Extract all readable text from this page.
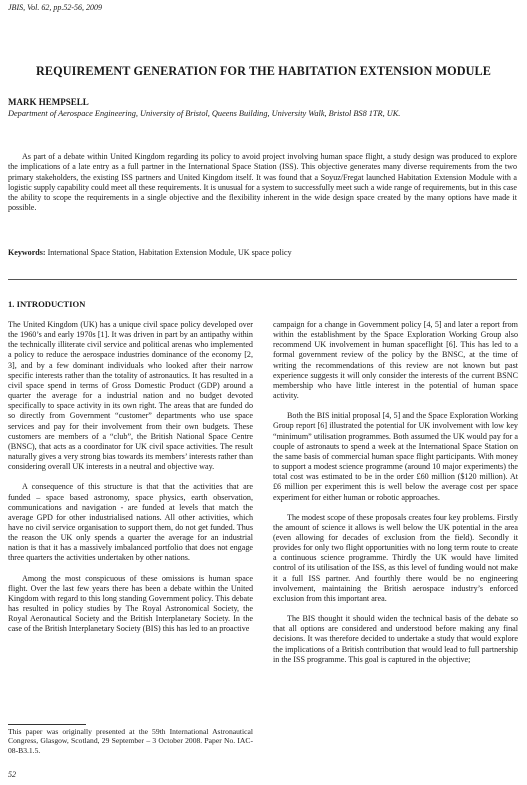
JBIS, Vol. 62, pp.52-56, 2009
REQUIREMENT GENERATION FOR THE HABITATION EXTENSION MODULE
MARK HEMPSELL
Department of Aerospace Engineering, University of Bristol, Queens Building, University Walk, Bristol BS8 1TR, UK.

As part of a debate within United Kingdom regarding its policy to avoid project involving human space flight, a study design was produced to explore the implications of a late entry as a full partner in the International Space Station (ISS). This objective generates many diverse requirements from the two primary stakeholders, the existing ISS partners and United Kingdom itself. It was found that a Soyuz/Fregat launched Habitation Extension Module with a logistic supply capability could meet all these requirements. It is unusual for a system to successfully meet such a wide range of requirements, but in this case the ability to scope the requirements in a single objective and the flexibility inherent in the wide design space created by the many options have made it possible.

Keywords: International Space Station, Habitation Extension Module, UK space policy
1. INTRODUCTION

The United Kingdom (UK) has a unique civil space policy developed over the 1960’s and early 1970s [1]. It was driven in part by an antipathy within the technically illiterate civil service and political arenas who implemented a policy to reduce the aerospace industries dominance of the economy [2, 3], and by a few dominant individuals who looked after their narrow specific interests rather than the totality of astronautics. It has resulted in a civil space spend in terms of Gross Domestic Product (GDP) around a quarter the average for a industrial nation and no budget devoted specifically to space activity in its own right. The areas that are funded do so directly from Government “customer” departments who use space services and pay for their involvement from their own budgets. These customers are members of a “club”, the British National Space Centre (BNSC), that acts as a coordinator for UK civil space activities. The result naturally gives a very strong bias towards its members’ interests rather than considering overall UK interests in a neutral and objective way.

A consequence of this structure is that that the activities that are funded – space based astronomy, space physics, earth observation, communications and navigation - are funded at levels that match the average GPD for other industrialised nations. All other activities, which have no civil service organisation to support them, do not get funded. Thus the reason the UK only spends a quarter the average for an industrial nation is that it has a massively imbalanced portfolio that does not engage three quarters the activities undertaken by other nations.

Among the most conspicuous of these omissions is human space flight. Over the last few years there has been a debate within the United Kingdom with regard to this long standing Government policy. This debate has resulted in policy studies by The Royal Astronomical Society, the Royal Aeronautical Society and the British Interplanetary Society. In the case of the British Interplanetary Society (BIS) this has led to an proactive

campaign for a change in Government policy [4, 5] and later a report from within the establishment by the Space Exploration Working Group also recommend UK involvement in human spaceflight [6]. This has led to a formal government review of the policy by the BNSC, at the time of writing the recommendations of this review are not known but past experience suggests it will only consider the interests of the current BSNC membership who have little interest in the potential of human space activity.

Both the BIS initial proposal [4, 5] and the Space Exploration Working Group report [6] illustrated the potential for UK involvement with low key “minimum” utilisation programmes. Both assumed the UK would pay for a couple of astronauts to spend a week at the International Space Station on the same basis of commercial human space flight participants. With money to support a modest science programme (around 10 major experiments) the total cost was estimated to be in the order £60 million ($120 million). At £6 million per experiment this is well below the average cost per space experiment for either human or robotic approaches.

The modest scope of these proposals creates four key problems. Firstly the amount of science it allows is well below the UK potential in the area (even allowing for decades of exclusion from the field). Secondly it provides for only two flight opportunities with no long term route to create a continuous science programme. Thirdly the UK would have limited control of its utilisation of the ISS, as this level of funding would not make it a full ISS partner. And fourthly there would be no engineering involvement, maintaining the British aerospace industry’s enforced exclusion from this important area.

The BIS thought it should widen the technical basis of the debate so that all options are considered and understood before making any final decisions. It was therefore decided to undertake a study that would explore the implications of a British contribution that would lead to full partnership in the ISS programme. This goal is captured in the objective;

This paper was originally presented at the 59th International Astronautical Congress, Glasgow, Scotland, 29 September – 3 October 2008. Paper No. IAC-08-B3.1.5.
52
